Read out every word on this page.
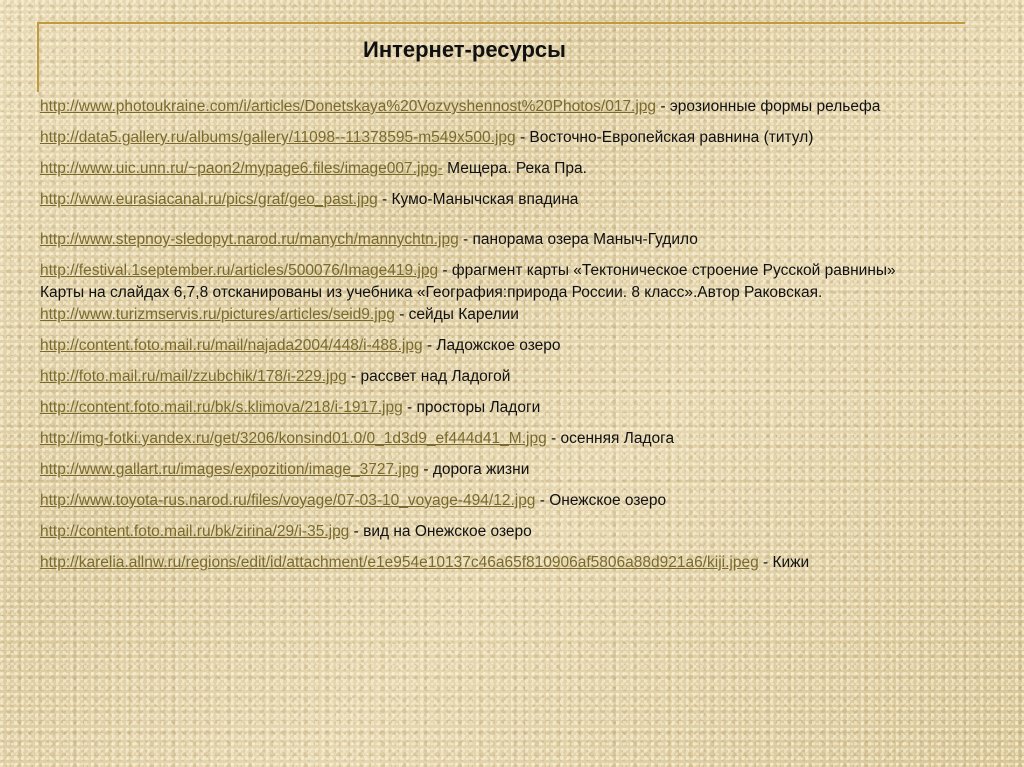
Интернет-ресурсы

http://www.photoukraine.com/i/articles/Donetskaya%20Vozvyshennost%20Photos/017.jpg - эрозионные формы рельефа

http://data5.gallery.ru/albums/gallery/11098--11378595-m549x500.jpg - Восточно-Европейская равнина (титул)

http://www.uic.unn.ru/~paon2/mypage6.files/image007.jpg- Мещера. Река Пра.

http://www.eurasiacanal.ru/pics/graf/geo_past.jpg - Кумо-Манычская впадина

http://www.stepnoy-sledopyt.narod.ru/manych/mannychtn.jpg - панорама озера Маныч-Гудило

http://festival.1september.ru/articles/500076/Image419.jpg - фрагмент карты «Тектоническое строение Русской равнины»

Карты на слайдах 6,7,8 отсканированы из учебника «География:природа России. 8 класс».Автор Раковская.

http://www.turizmservis.ru/pictures/articles/seid9.jpg - сейды Карелии

http://content.foto.mail.ru/mail/najada2004/448/i-488.jpg - Ладожское озеро

http://foto.mail.ru/mail/zzubchik/178/i-229.jpg - рассвет над Ладогой

http://content.foto.mail.ru/bk/s.klimova/218/i-1917.jpg - просторы Ладоги

http://img-fotki.yandex.ru/get/3206/konsind01.0/0_1d3d9_ef444d41_M.jpg - осенняя Ладога

http://www.gallart.ru/images/expozition/image_3727.jpg - дорога жизни

http://www.toyota-rus.narod.ru/files/voyage/07-03-10_voyage-494/12.jpg - Онежское озеро

http://content.foto.mail.ru/bk/zirina/29/i-35.jpg - вид на Онежское озеро

http://karelia.allnw.ru/regions/edit/id/attachment/e1e954e10137c46a65f810906af5806a88d921a6/kiji.jpeg - Кижи
